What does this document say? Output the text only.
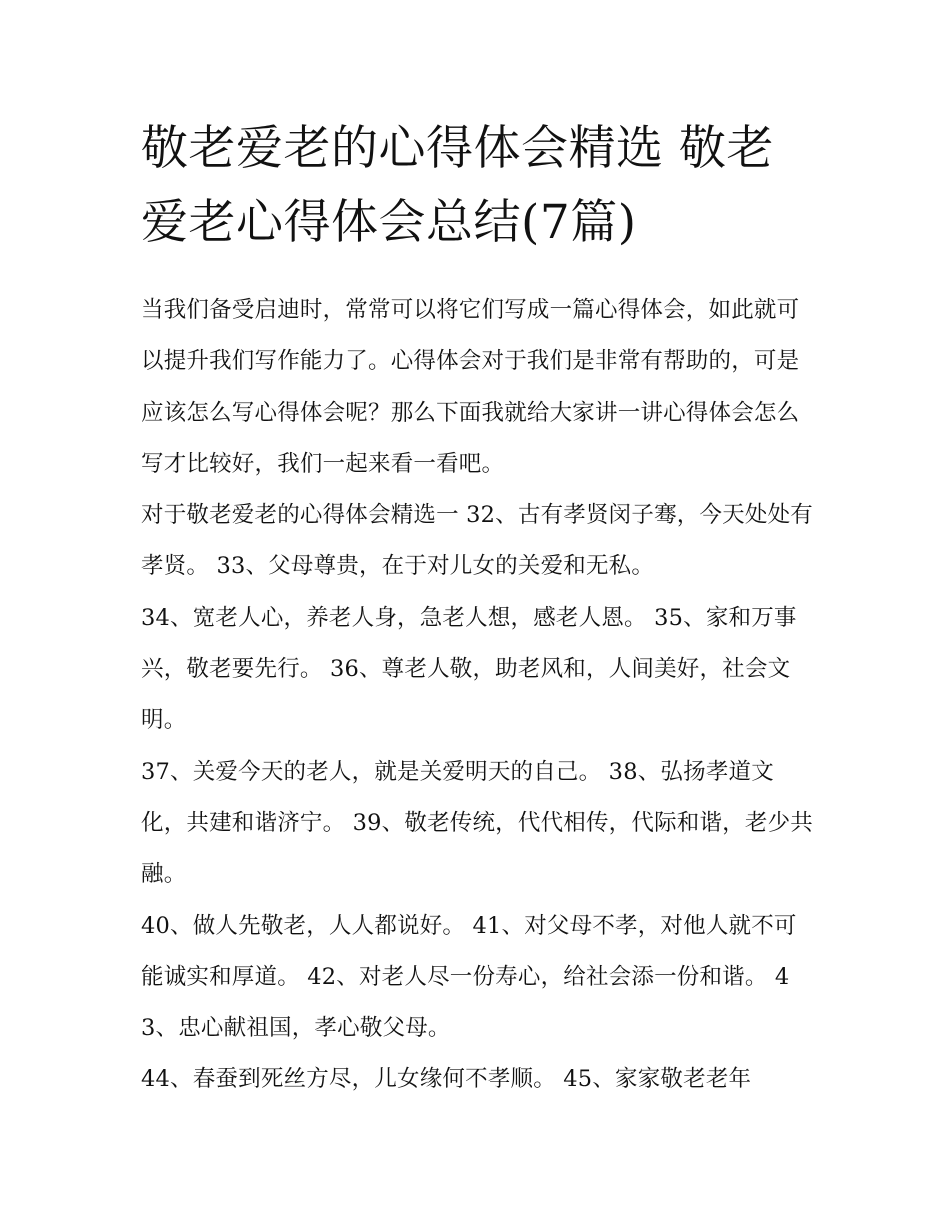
敬老爱老的心得体会精选 敬老爱老心得体会总结(7篇)

当我们备受启迪时，常常可以将它们写成一篇心得体会，如此就可以提升我们写作能力了。心得体会对于我们是非常有帮助的，可是应该怎么写心得体会呢？那么下面我就给大家讲一讲心得体会怎么写才比较好，我们一起来看一看吧。

对于敬老爱老的心得体会精选一 32、古有孝贤闵子骞，今天处处有孝贤。 33、父母尊贵，在于对儿女的关爱和无私。

34、宽老人心，养老人身，急老人想，感老人恩。 35、家和万事兴，敬老要先行。 36、尊老人敬，助老风和，人间美好，社会文明。

37、关爱今天的老人，就是关爱明天的自己。 38、弘扬孝道文化，共建和谐济宁。 39、敬老传统，代代相传，代际和谐，老少共融。

40、做人先敬老，人人都说好。 41、对父母不孝，对他人就不可能诚实和厚道。 42、对老人尽一份寿心，给社会添一份和谐。 43、忠心献祖国，孝心敬父母。

44、春蚕到死丝方尽，儿女缘何不孝顺。 45、家家敬老老年
